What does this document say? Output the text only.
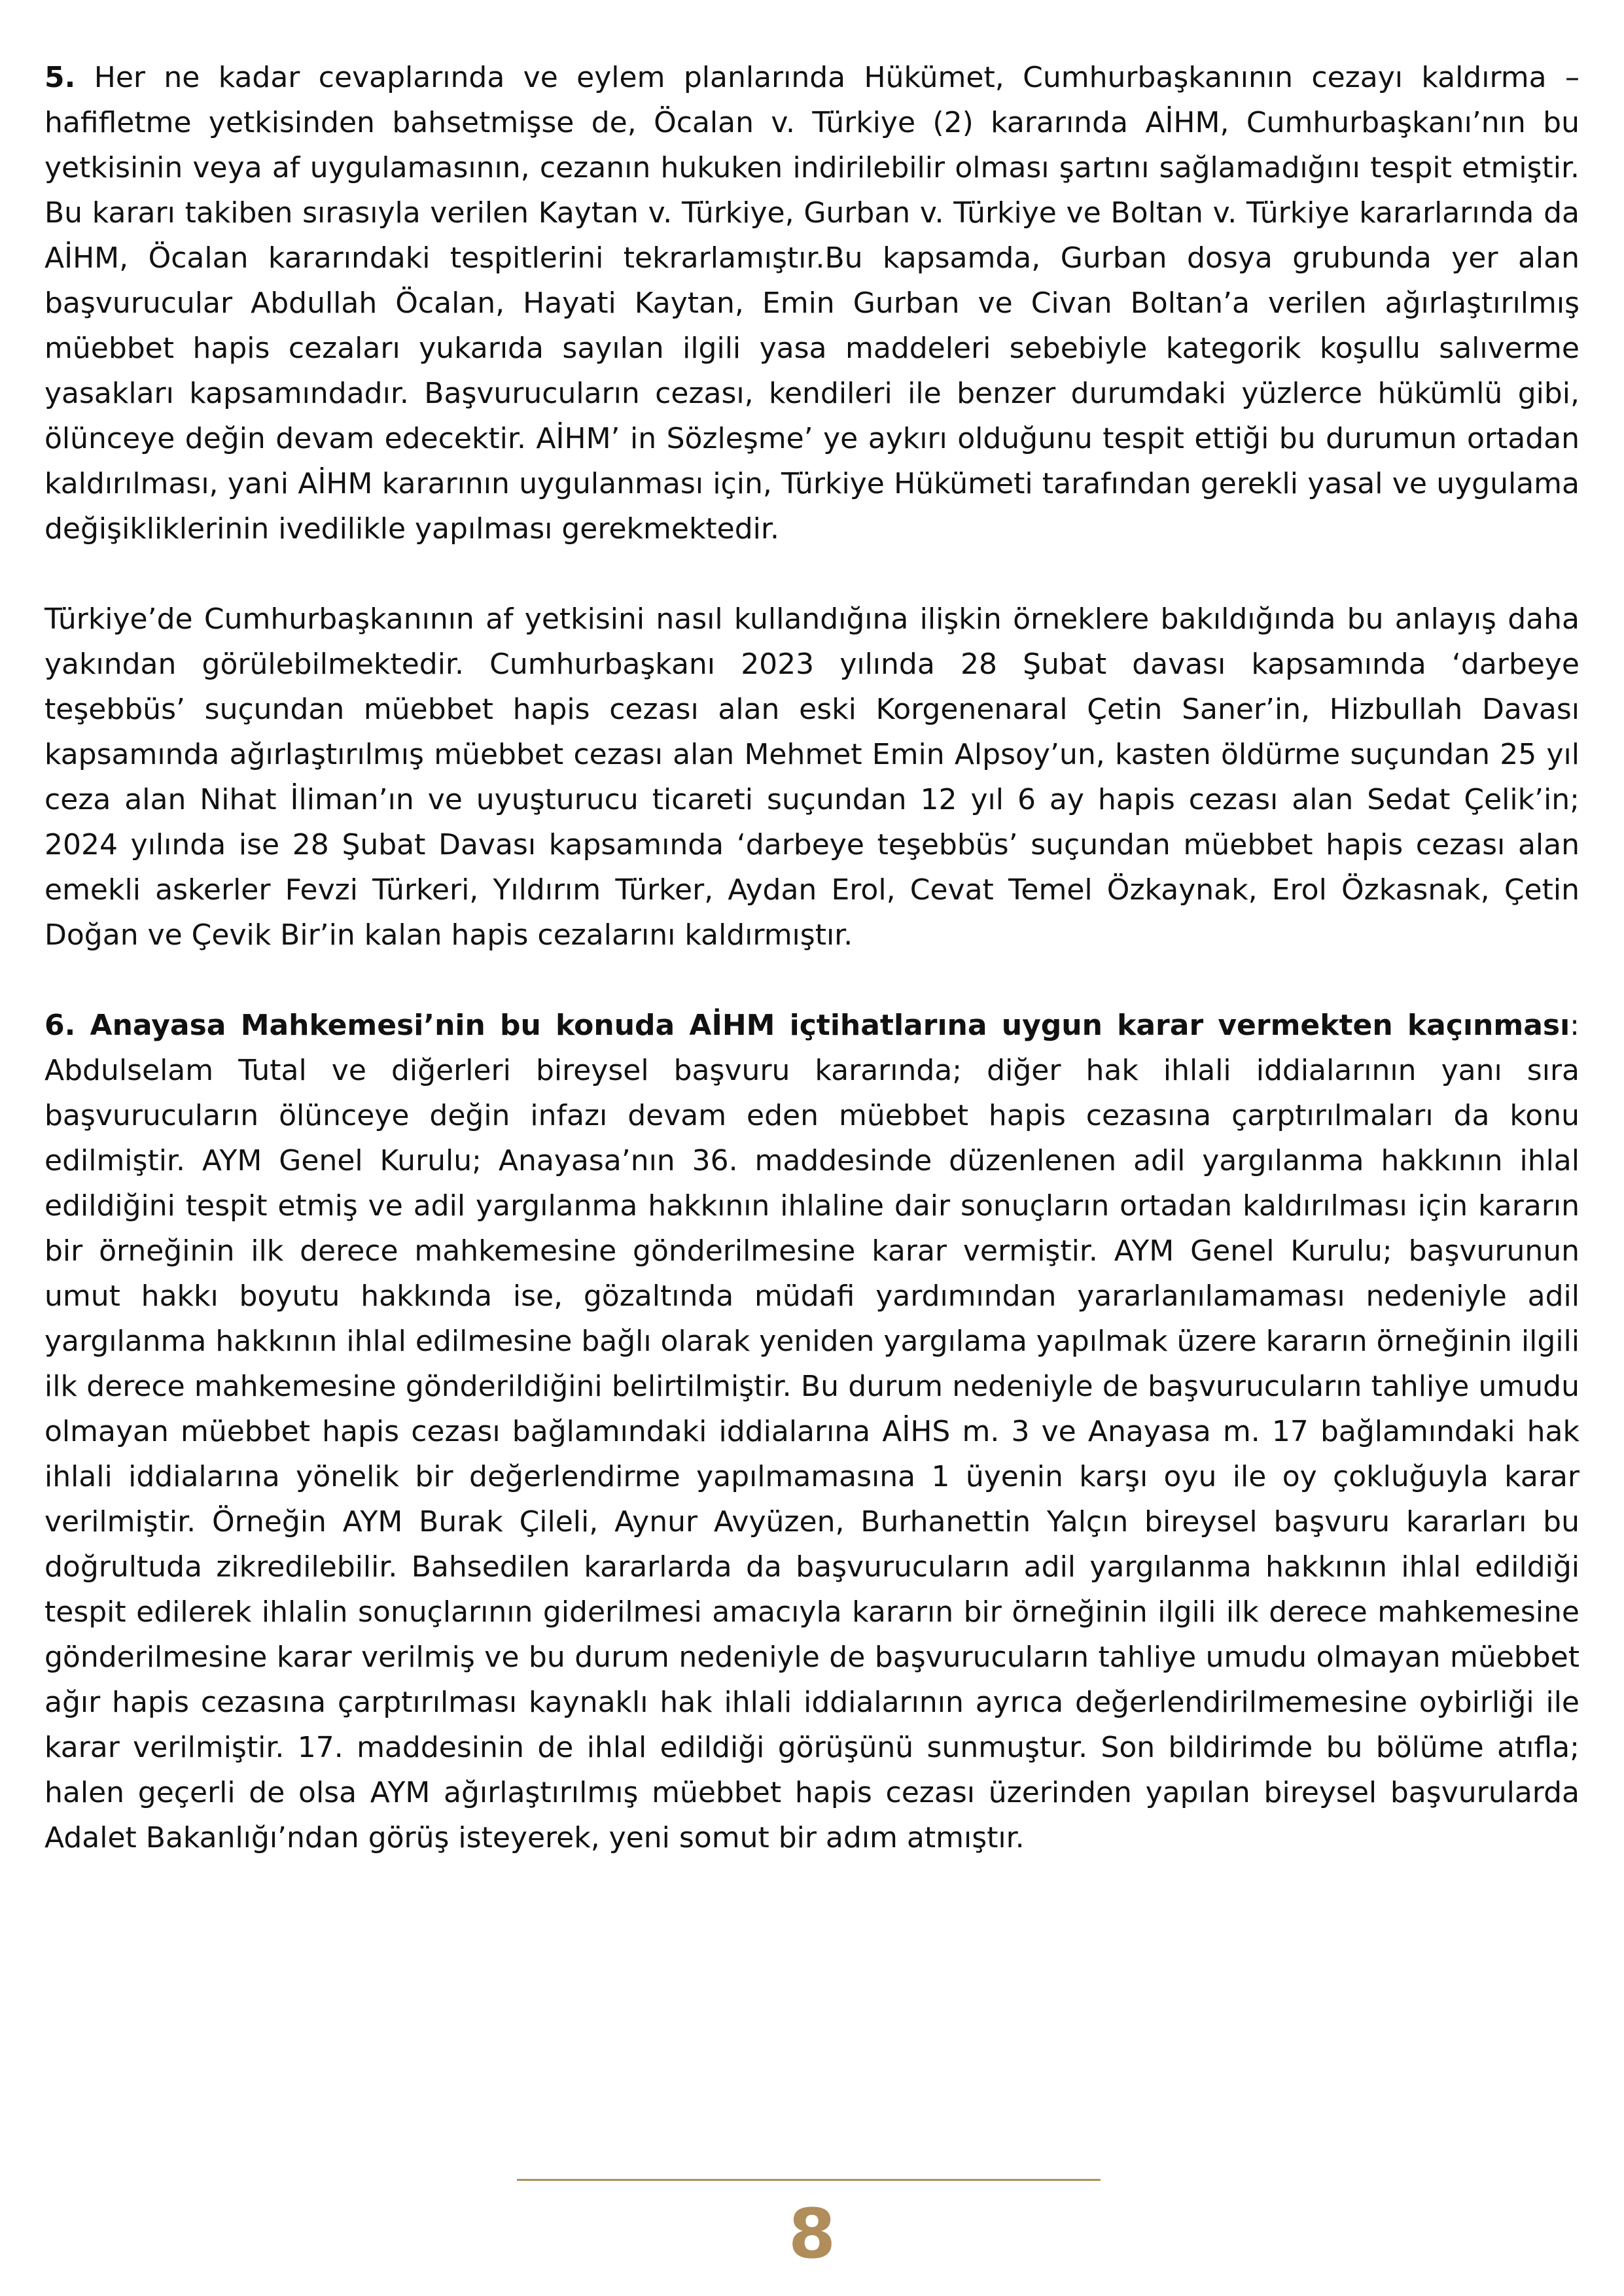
5. Her ne kadar cevaplarında ve eylem planlarında Hükümet, Cumhurbaşkanının cezayı kaldırma – hafifletme yetkisinden bahsetmişse de, Öcalan v. Türkiye (2) kararında AİHM, Cumhurbaşkanı’nın bu yetkisinin veya af uygulamasının, cezanın hukuken indirilebilir olması şartını sağlamadığını tespit etmiştir. Bu kararı takiben sırasıyla verilen Kaytan v. Türkiye, Gurban v. Türkiye ve Boltan v. Türkiye kararlarında da AİHM, Öcalan kararındaki tespitlerini tekrarlamıştır.Bu kapsamda, Gurban dosya grubunda yer alan başvurucular Abdullah Öcalan, Hayati Kaytan, Emin Gurban ve Civan Boltan’a verilen ağırlaştırılmış müebbet hapis cezaları yukarıda sayılan ilgili yasa maddeleri sebebiyle kategorik koşullu salıverme yasakları kapsamındadır. Başvurucuların cezası, kendileri ile benzer durumdaki yüzlerce hükümlü gibi, ölünceye değin devam edecektir. AİHM’ in Sözleşme’ ye aykırı olduğunu tespit ettiği bu durumun ortadan kaldırılması, yani AİHM kararının uygulanması için, Türkiye Hükümeti tarafından gerekli yasal ve uygulama değişikliklerinin ivedilikle yapılması gerekmektedir.

Türkiye’de Cumhurbaşkanının af yetkisini nasıl kullandığına ilişkin örneklere bakıldığında bu anlayış daha yakından görülebilmektedir. Cumhurbaşkanı 2023 yılında 28 Şubat davası kapsamında ‘darbeye teşebbüs’ suçundan müebbet hapis cezası alan eski Korgenenaral Çetin Saner’in, Hizbullah Davası kapsamında ağırlaştırılmış müebbet cezası alan Mehmet Emin Alpsoy’un, kasten öldürme suçundan 25 yıl ceza alan Nihat İliman’ın ve uyuşturucu ticareti suçundan 12 yıl 6 ay hapis cezası alan Sedat Çelik’in; 2024 yılında ise 28 Şubat Davası kapsamında ‘darbeye teşebbüs’ suçundan müebbet hapis cezası alan emekli askerler Fevzi Türkeri, Yıldırım Türker, Aydan Erol, Cevat Temel Özkaynak, Erol Özkasnak, Çetin Doğan ve Çevik Bir’in kalan hapis cezalarını kaldırmıştır.

6. Anayasa Mahkemesi’nin bu konuda AİHM içtihatlarına uygun karar vermekten kaçınması: Abdulselam Tutal ve diğerleri bireysel başvuru kararında; diğer hak ihlali iddialarının yanı sıra başvurucuların ölünceye değin infazı devam eden müebbet hapis cezasına çarptırılmaları da konu edilmiştir. AYM Genel Kurulu; Anayasa’nın 36. maddesinde düzenlenen adil yargılanma hakkının ihlal edildiğini tespit etmiş ve adil yargılanma hakkının ihlaline dair sonuçların ortadan kaldırılması için kararın bir örneğinin ilk derece mahkemesine gönderilmesine karar vermiştir. AYM Genel Kurulu; başvurunun umut hakkı boyutu hakkında ise, gözaltında müdafi yardımından yararlanılamaması nedeniyle adil yargılanma hakkının ihlal edilmesine bağlı olarak yeniden yargılama yapılmak üzere kararın örneğinin ilgili ilk derece mahkemesine gönderildiğini belirtilmiştir. Bu durum nedeniyle de başvurucuların tahliye umudu olmayan müebbet hapis cezası bağlamındaki iddialarına AİHS m. 3 ve Anayasa m. 17 bağlamındaki hak ihlali iddialarına yönelik bir değerlendirme yapılmamasına 1 üyenin karşı oyu ile oy çokluğuyla karar verilmiştir. Örneğin AYM Burak Çileli, Aynur Avyüzen, Burhanettin Yalçın bireysel başvuru kararları bu doğrultuda zikredilebilir. Bahsedilen kararlarda da başvurucuların adil yargılanma hakkının ihlal edildiği tespit edilerek ihlalin sonuçlarının giderilmesi amacıyla kararın bir örneğinin ilgili ilk derece mahkemesine gönderilmesine karar verilmiş ve bu durum nedeniyle de başvurucuların tahliye umudu olmayan müebbet ağır hapis cezasına çarptırılması kaynaklı hak ihlali iddialarının ayrıca değerlendirilmemesine oybirliği ile karar verilmiştir. 17. maddesinin de ihlal edildiği görüşünü sunmuştur. Son bildirimde bu bölüme atıfla; halen geçerli de olsa AYM ağırlaştırılmış müebbet hapis cezası üzerinden yapılan bireysel başvurularda Adalet Bakanlığı’ndan görüş isteyerek, yeni somut bir adım atmıştır.

8
